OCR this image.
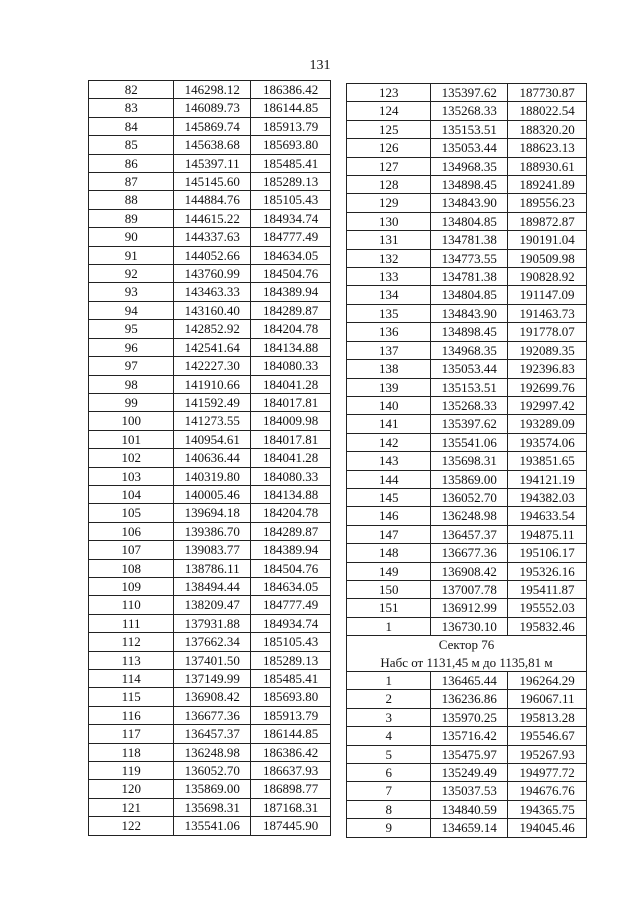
131
82	146298.12	186386.42
83	146089.73	186144.85
84	145869.74	185913.79
85	145638.68	185693.80
86	145397.11	185485.41
87	145145.60	185289.13
88	144884.76	185105.43
89	144615.22	184934.74
90	144337.63	184777.49
91	144052.66	184634.05
92	143760.99	184504.76
93	143463.33	184389.94
94	143160.40	184289.87
95	142852.92	184204.78
96	142541.64	184134.88
97	142227.30	184080.33
98	141910.66	184041.28
99	141592.49	184017.81
100	141273.55	184009.98
101	140954.61	184017.81
102	140636.44	184041.28
103	140319.80	184080.33
104	140005.46	184134.88
105	139694.18	184204.78
106	139386.70	184289.87
107	139083.77	184389.94
108	138786.11	184504.76
109	138494.44	184634.05
110	138209.47	184777.49
111	137931.88	184934.74
112	137662.34	185105.43
113	137401.50	185289.13
114	137149.99	185485.41
115	136908.42	185693.80
116	136677.36	185913.79
117	136457.37	186144.85
118	136248.98	186386.42
119	136052.70	186637.93
120	135869.00	186898.77
121	135698.31	187168.31
122	135541.06	187445.90
123	135397.62	187730.87
124	135268.33	188022.54
125	135153.51	188320.20
126	135053.44	188623.13
127	134968.35	188930.61
128	134898.45	189241.89
129	134843.90	189556.23
130	134804.85	189872.87
131	134781.38	190191.04
132	134773.55	190509.98
133	134781.38	190828.92
134	134804.85	191147.09
135	134843.90	191463.73
136	134898.45	191778.07
137	134968.35	192089.35
138	135053.44	192396.83
139	135153.51	192699.76
140	135268.33	192997.42
141	135397.62	193289.09
142	135541.06	193574.06
143	135698.31	193851.65
144	135869.00	194121.19
145	136052.70	194382.03
146	136248.98	194633.54
147	136457.37	194875.11
148	136677.36	195106.17
149	136908.42	195326.16
150	137007.78	195411.87
151	136912.99	195552.03
1	136730.10	195832.46

Сектор 76
Набс от 1131,45 м до 1135,81 м		

1	136465.44	196264.29
2	136236.86	196067.11
3	135970.25	195813.28
4	135716.42	195546.67
5	135475.97	195267.93
6	135249.49	194977.72
7	135037.53	194676.76
8	134840.59	194365.75
9	134659.14	194045.46
